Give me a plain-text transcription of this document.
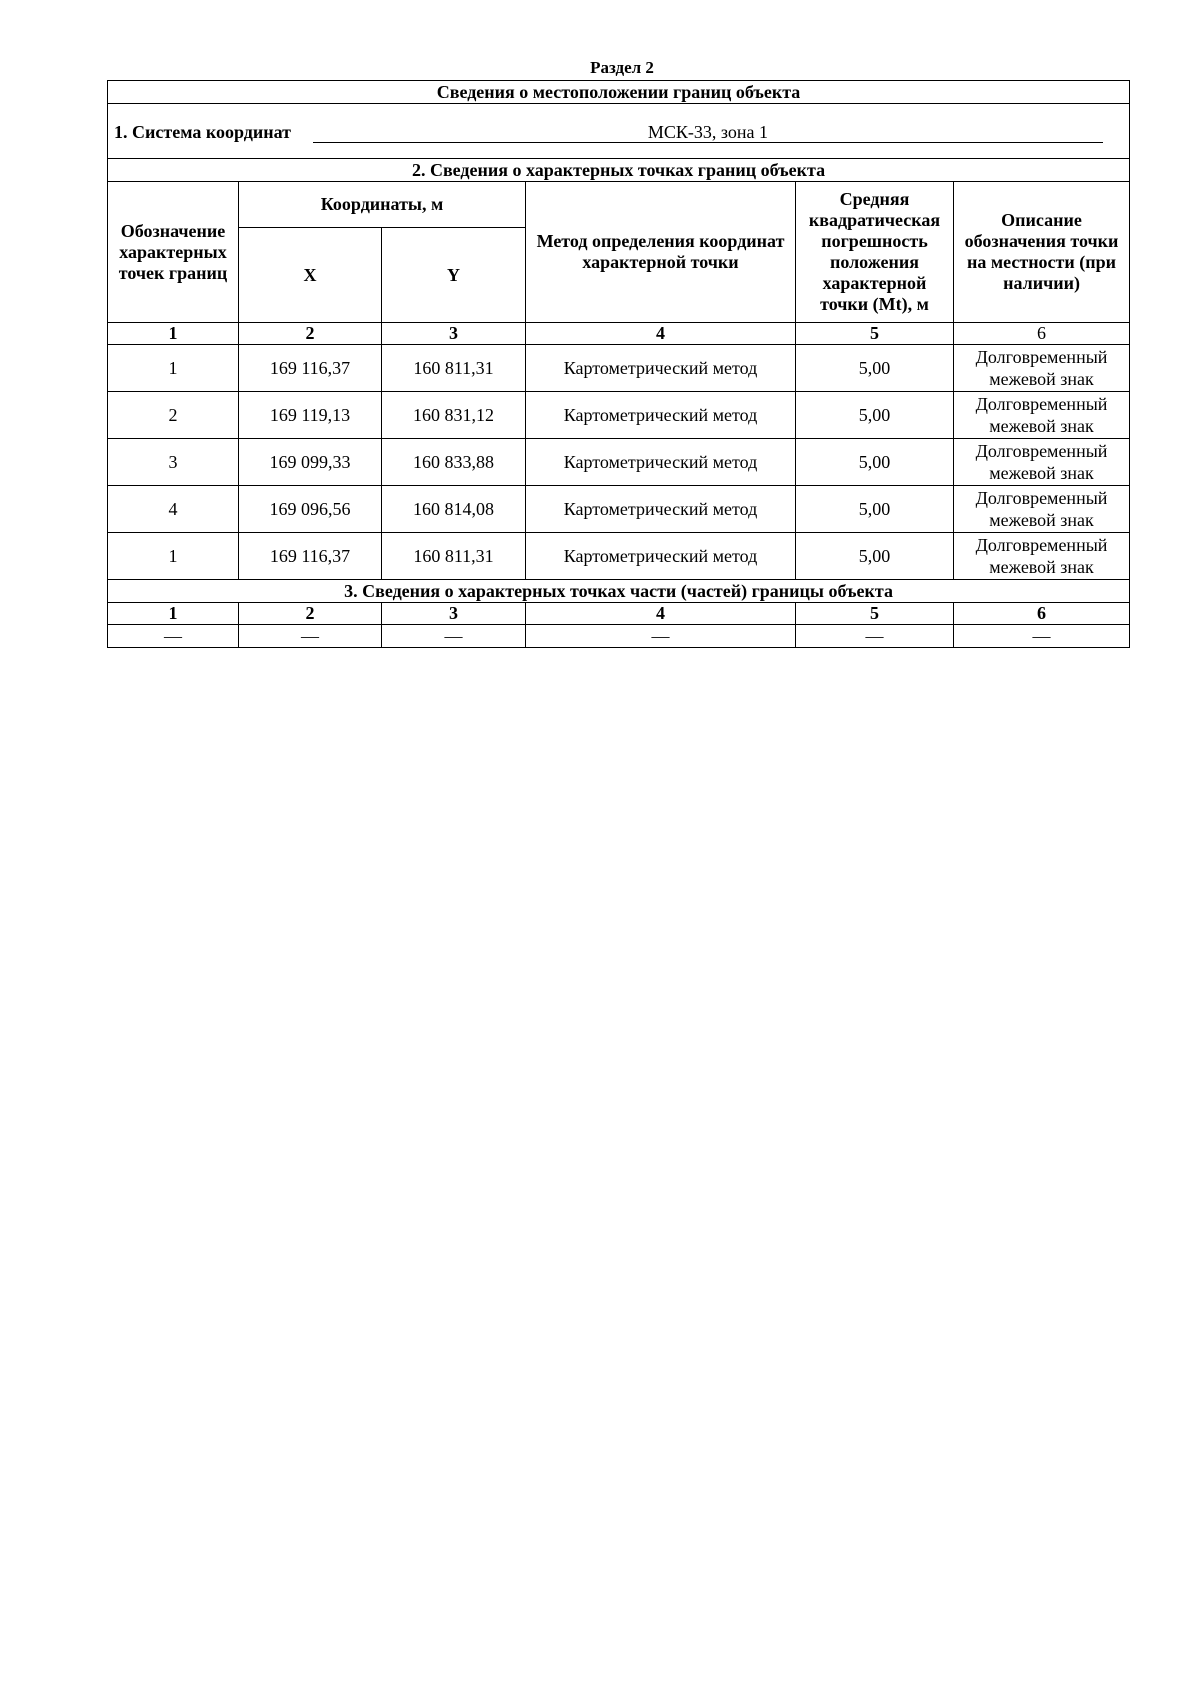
Раздел 2
Сведения о местоположении границ объекта					

1. Система координат МСК-33, зона 1					

2. Сведения о характерных точках границ объекта					
Обозначение характерных точек границ	Координаты, м		Метод определения координат характерной точки	Средняя квадратическая погрешность положения характерной точки (Mt), м	Описание обозначения точки на местности (при наличии)
	X	Y			
1	2	3	4	5	6
1	169 116,37	160 811,31	Картометрический метод	5,00	Долговременный межевой знак
2	169 119,13	160 831,12	Картометрический метод	5,00	Долговременный межевой знак
3	169 099,33	160 833,88	Картометрический метод	5,00	Долговременный межевой знак
4	169 096,56	160 814,08	Картометрический метод	5,00	Долговременный межевой знак
1	169 116,37	160 811,31	Картометрический метод	5,00	Долговременный межевой знак
3. Сведения о характерных точках части (частей) границы объекта					
1	2	3	4	5	6
—	—	—	—	—	—
